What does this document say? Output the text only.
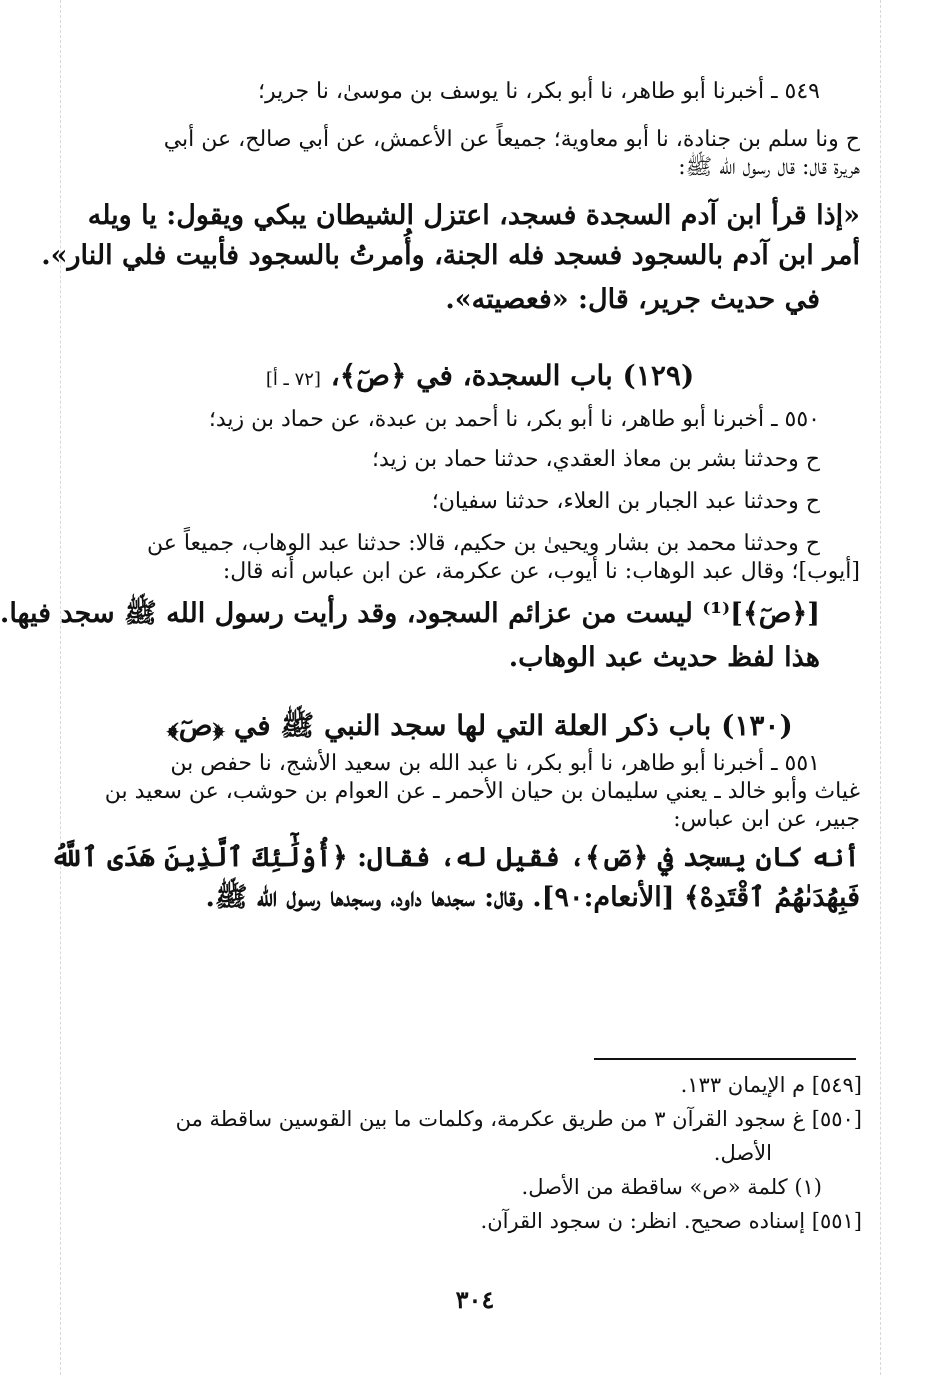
٥٤٩ ـ أخبرنا أبو طاهر، نا أبو بكر، نا يوسف بن موسىٰ، نا جرير؛
ح ونا سلم بن جنادة، نا أبو معاوية؛ جميعاً عن الأعمش، عن أبي صالح، عن أبي
هريرة قال: قال رسول الله ﷺ:
«إذا قرأ ابن آدم السجدة فسجد، اعتزل الشيطان يبكي ويقول: يا ويله
أمر ابن آدم بالسجود فسجد فله الجنة، وأُمرتُ بالسجود فأبيت فلي النار».
في حديث جرير، قال: «فعصيته».
(١٢٩) باب السجدة، في ﴿صٓ﴾، [٧٢ ـ أ]
٥٥٠ ـ أخبرنا أبو طاهر، نا أبو بكر، نا أحمد بن عبدة، عن حماد بن زيد؛
ح وحدثنا بشر بن معاذ العقدي، حدثنا حماد بن زيد؛
ح وحدثنا عبد الجبار بن العلاء، حدثنا سفيان؛
ح وحدثنا محمد بن بشار ويحيىٰ بن حكيم، قالا: حدثنا عبد الوهاب، جميعاً عن
[أيوب]؛ وقال عبد الوهاب: نا أيوب، عن عكرمة، عن ابن عباس أنه قال:
[﴿صٓ﴾]⁽¹⁾ ليست من عزائم السجود، وقد رأيت رسول الله ﷺ سجد فيها.
هذا لفظ حديث عبد الوهاب.
(١٣٠) باب ذكر العلة التي لها سجد النبي ﷺ في ﴿صٓ﴾
٥٥١ ـ أخبرنا أبو طاهر، نا أبو بكر، نا عبد الله بن سعيد الأشج، نا حفص بن
غياث وأبو خالد ـ يعني سليمان بن حيان الأحمر ـ عن العوام بن حوشب، عن سعيد بن
جبير، عن ابن عباس:
أنه كان يسجد في ﴿صٓ﴾، فقيل له، فقال: ﴿أُوْلَٰٓئِكَ ٱلَّذِينَ هَدَى ٱللَّهُ
فَبِهُدَىٰهُمُ ٱقْتَدِهْ﴾ [الأنعام:٩٠]. وقال: سجدها داود، وسجدها رسول الله ﷺ.
[٥٤٩] م الإيمان ١٣٣.
[٥٥٠] غ سجود القرآن ٣ من طريق عكرمة، وكلمات ما بين القوسين ساقطة من
الأصل.
(١) كلمة «ص» ساقطة من الأصل.
[٥٥١] إسناده صحيح. انظر: ن سجود القرآن.
٣٠٤
